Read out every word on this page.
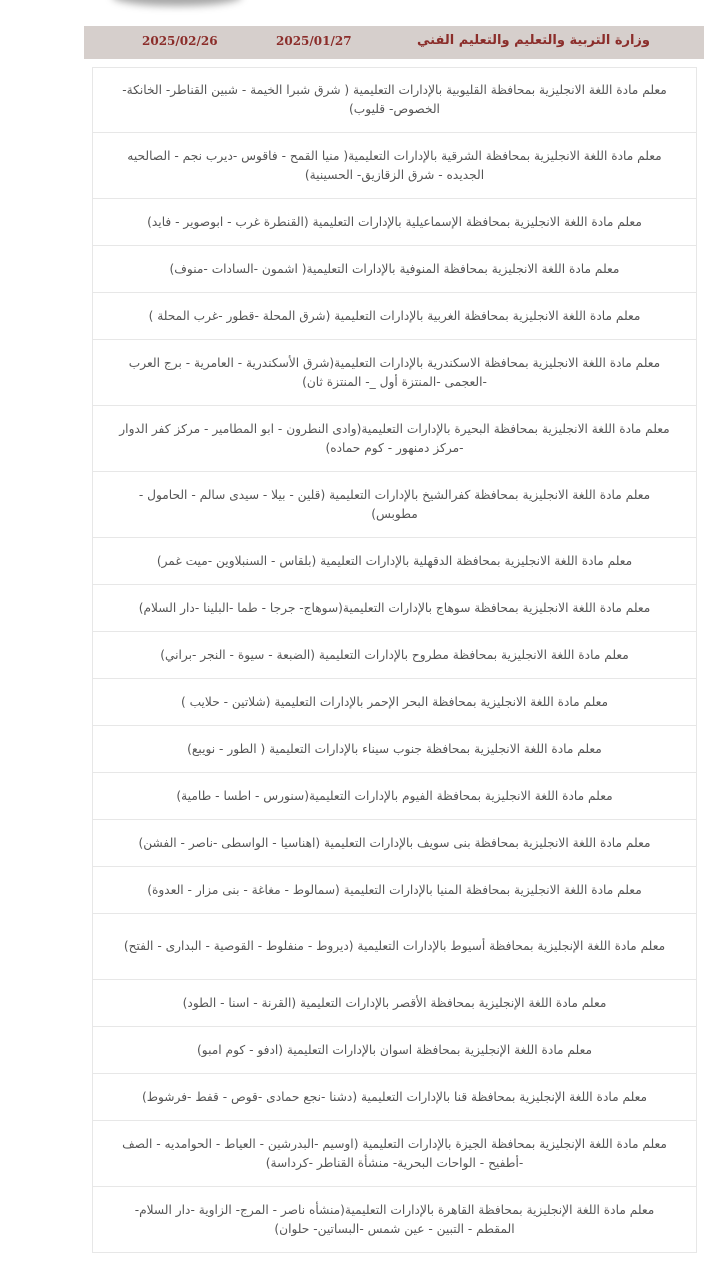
2025/02/26	2025/01/27	وزارة التربية والتعليم والتعليم الفني
معلم مادة اللغة الانجليزية بمحافظة القليوبية بالإدارات التعليمية ( شرق شبرا الخيمة - شبين القناطر- الخانكة- الخصوص- قليوب)
معلم مادة اللغة الانجليزية بمحافظة الشرقية بالإدارات التعليمية( منيا القمح - فاقوس -ديرب نجم - الصالحيه الجديده - شرق الزقازيق- الحسينية)
معلم مادة اللغة الانجليزية بمحافظة الإسماعيلية بالإدارات التعليمية (القنطرة غرب - ابوصوير - فايد)
معلم مادة اللغة الانجليزية بمحافظة المنوفية بالإدارات التعليمية( اشمون -السادات -منوف)
معلم مادة اللغة الانجليزية بمحافظة الغربية بالإدارات التعليمية (شرق المحلة -قطور -غرب المحلة )
معلم مادة اللغة الانجليزية بمحافظة الاسكندرية بالإدارات التعليمية(شرق الأسكندرية - العامرية - برج العرب -العجمى -المنتزة أول _- المنتزة ثان)
معلم مادة اللغة الانجليزية بمحافظة البحيرة بالإدارات التعليمية(وادى النطرون - ابو المطامير - مركز كفر الدوار -مركز دمنهور - كوم حماده)
معلم مادة اللغة الانجليزية بمحافظة كفرالشيخ بالإدارات التعليمية (قلين - بيلا - سيدى سالم - الحامول - مطوبس)
معلم مادة اللغة الانجليزية بمحافظة الدقهلية بالإدارات التعليمية (بلقاس - السنبلاوين -ميت غمر)
معلم مادة اللغة الانجليزية بمحافظة سوهاج بالإدارات التعليمية(سوهاج- جرجا - طما -البلينا -دار السلام)
معلم مادة اللغة الانجليزية بمحافظة مطروح بالإدارات التعليمية (الضبعة - سيوة - النجر -براني)
معلم مادة اللغة الانجليزية بمحافظة البحر الإحمر بالإدارات التعليمية (شلاتين - حلايب )
معلم مادة اللغة الانجليزية بمحافظة جنوب سيناء بالإدارات التعليمية ( الطور - نويبع)
معلم مادة اللغة الانجليزية بمحافظة الفيوم بالإدارات التعليمية(سنورس - اطسا - طامية)
معلم مادة اللغة الانجليزية بمحافظة بنى سويف بالإدارات التعليمية (اهناسيا - الواسطى -ناصر - الفشن)
معلم مادة اللغة الانجليزية بمحافظة المنيا بالإدارات التعليمية (سمالوط - مغاغة - بنى مزار - العدوة)
معلم مادة اللغة الإنجليزية بمحافظة أسيوط بالإدارات التعليمية (ديروط - منفلوط - القوصية - البدارى - الفتح)
معلم مادة اللغة الإنجليزية بمحافظة الأقصر بالإدارات التعليمية (القرنة - اسنا - الطود)
معلم مادة اللغة الإنجليزية بمحافظة اسوان بالإدارات التعليمية (ادفو - كوم امبو)
معلم مادة اللغة الإنجليزية بمحافظة قنا بالإدارات التعليمية (دشنا -نجع حمادى -قوص - قفط -فرشوط)
معلم مادة اللغة الإنجليزية بمحافظة الجيزة بالإدارات التعليمية (اوسيم -البدرشين - العياط - الحوامديه - الصف -أطفيح - الواحات البحرية- منشأة القناطر -كرداسة)
معلم مادة اللغة الإنجليزية بمحافظة القاهرة بالإدارات التعليمية(منشأه ناصر - المرج- الزاوية -دار السلام- المقطم - التبين - عين شمس -البساتين- حلوان)
